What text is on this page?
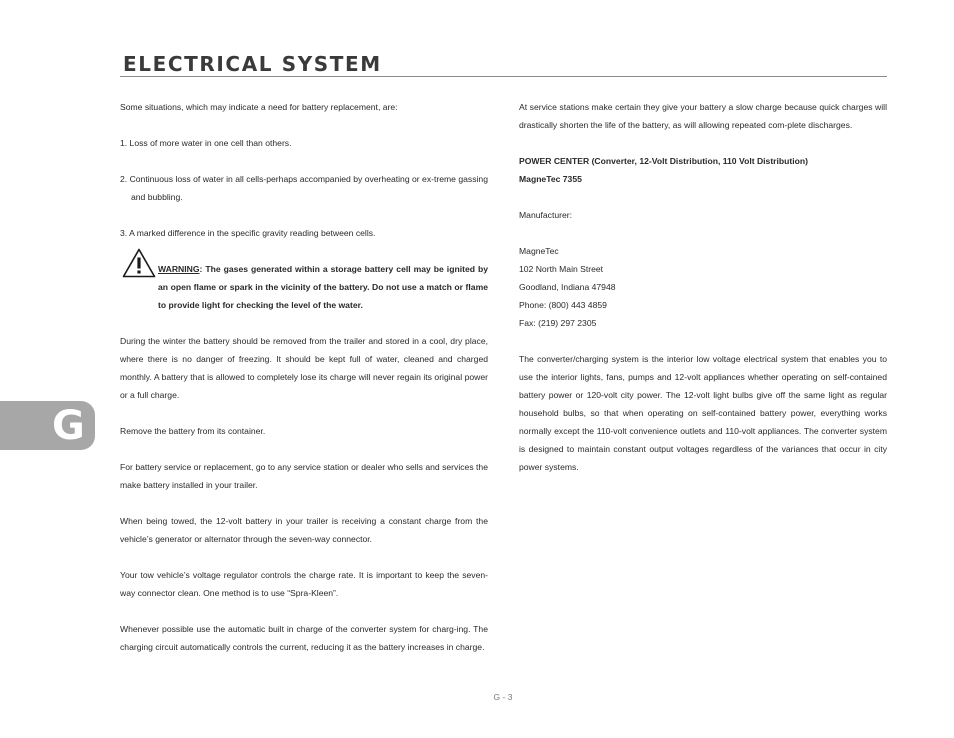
ELECTRICAL SYSTEM

Some situations, which may indicate a need for battery replacement, are:

1. Loss of more water in one cell than others.

2. Continuous loss of water in all cells-perhaps accompanied by overheating or ex-treme gassing and bubbling.

3. A marked difference in the specific gravity reading between cells.

WARNING: The gases generated within a storage battery cell may be ignited by an open flame or spark in the vicinity of the battery. Do not use a match or flame to provide light for checking the level of the water.

During the winter the battery should be removed from the trailer and stored in a cool, dry place, where there is no danger of freezing. It should be kept full of water, cleaned and charged monthly. A battery that is allowed to completely lose its charge will never regain its original power or a full charge.

Remove the battery from its container.

For battery service or replacement, go to any service station or dealer who sells and services the make battery installed in your trailer.

When being towed, the 12-volt battery in your trailer is receiving a constant charge from the vehicle’s generator or alternator through the seven-way connector.

Your tow vehicle’s voltage regulator controls the charge rate. It is important to keep the seven-way connector clean. One method is to use “Spra-Kleen”.

Whenever possible use the automatic built in charge of the converter system for charg-ing. The charging circuit automatically controls the current, reducing it as the battery increases in charge.

At service stations make certain they give your battery a slow charge because quick charges will drastically shorten the life of the battery, as will allowing repeated com-plete discharges.

POWER CENTER (Converter, 12-Volt Distribution, 110 Volt Distribution)
MagneTec 7355

Manufacturer:

MagneTec
102 North Main Street
Goodland, Indiana 47948
Phone: (800) 443 4859
Fax: (219) 297 2305

The converter/charging system is the interior low voltage electrical system that enables you to use the interior lights, fans, pumps and 12-volt appliances whether operating on self-contained battery power or 120-volt city power. The 12-volt light bulbs give off the same light as regular household bulbs, so that when operating on self-contained battery power, everything works normally except the 110-volt convenience outlets and 110-volt appliances. The converter system is designed to maintain constant output voltages regardless of the variances that occur in city power systems.

G
G - 3
